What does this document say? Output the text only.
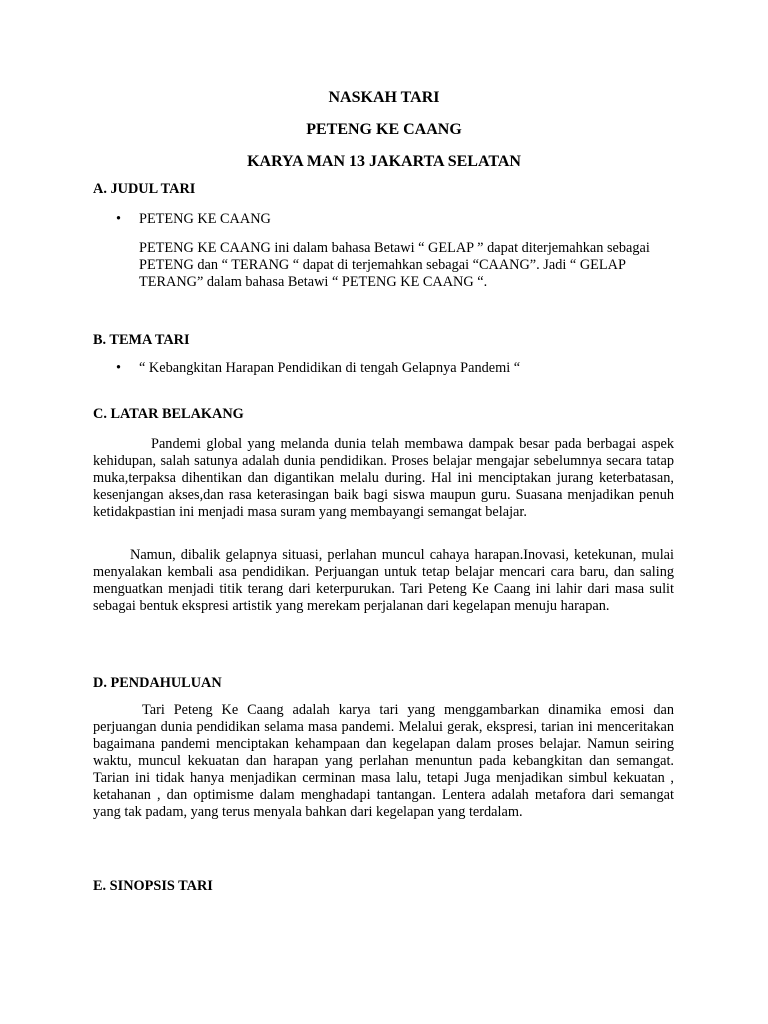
NASKAH TARI
PETENG KE CAANG
KARYA MAN 13 JAKARTA SELATAN
A. JUDUL TARI
• PETENG KE CAANG
PETENG KE CAANG ini dalam bahasa Betawi “ GELAP ” dapat diterjemahkan sebagai PETENG dan “ TERANG “ dapat di terjemahkan sebagai “CAANG”. Jadi “ GELAP TERANG” dalam bahasa Betawi “ PETENG KE CAANG “.
B. TEMA TARI
• “ Kebangkitan Harapan Pendidikan di tengah Gelapnya Pandemi “
C. LATAR BELAKANG
Pandemi global yang melanda dunia telah membawa dampak besar pada berbagai aspek kehidupan, salah satunya adalah dunia pendidikan. Proses belajar mengajar sebelumnya secara tatap muka,terpaksa dihentikan dan digantikan melalu during. Hal ini menciptakan jurang keterbatasan, kesenjangan akses,dan rasa keterasingan baik bagi siswa maupun guru. Suasana menjadikan penuh ketidakpastian ini menjadi masa suram yang membayangi semangat belajar.
Namun, dibalik gelapnya situasi, perlahan muncul cahaya harapan.Inovasi, ketekunan, mulai menyalakan kembali asa pendidikan. Perjuangan untuk tetap belajar mencari cara baru, dan saling menguatkan menjadi titik terang dari keterpurukan. Tari Peteng Ke Caang ini lahir dari masa sulit sebagai bentuk ekspresi artistik yang merekam perjalanan dari kegelapan menuju harapan.
D. PENDAHULUAN
Tari Peteng Ke Caang adalah karya tari yang menggambarkan dinamika emosi dan perjuangan dunia pendidikan selama masa pandemi. Melalui gerak, ekspresi, tarian ini menceritakan bagaimana pandemi menciptakan kehampaan dan kegelapan dalam proses belajar. Namun seiring waktu, muncul kekuatan dan harapan yang perlahan menuntun pada kebangkitan dan semangat. Tarian ini tidak hanya menjadikan cerminan masa lalu, tetapi Juga menjadikan simbul kekuatan , ketahanan , dan optimisme dalam menghadapi tantangan. Lentera adalah metafora dari semangat yang tak padam, yang terus menyala bahkan dari kegelapan yang terdalam.
E. SINOPSIS TARI
